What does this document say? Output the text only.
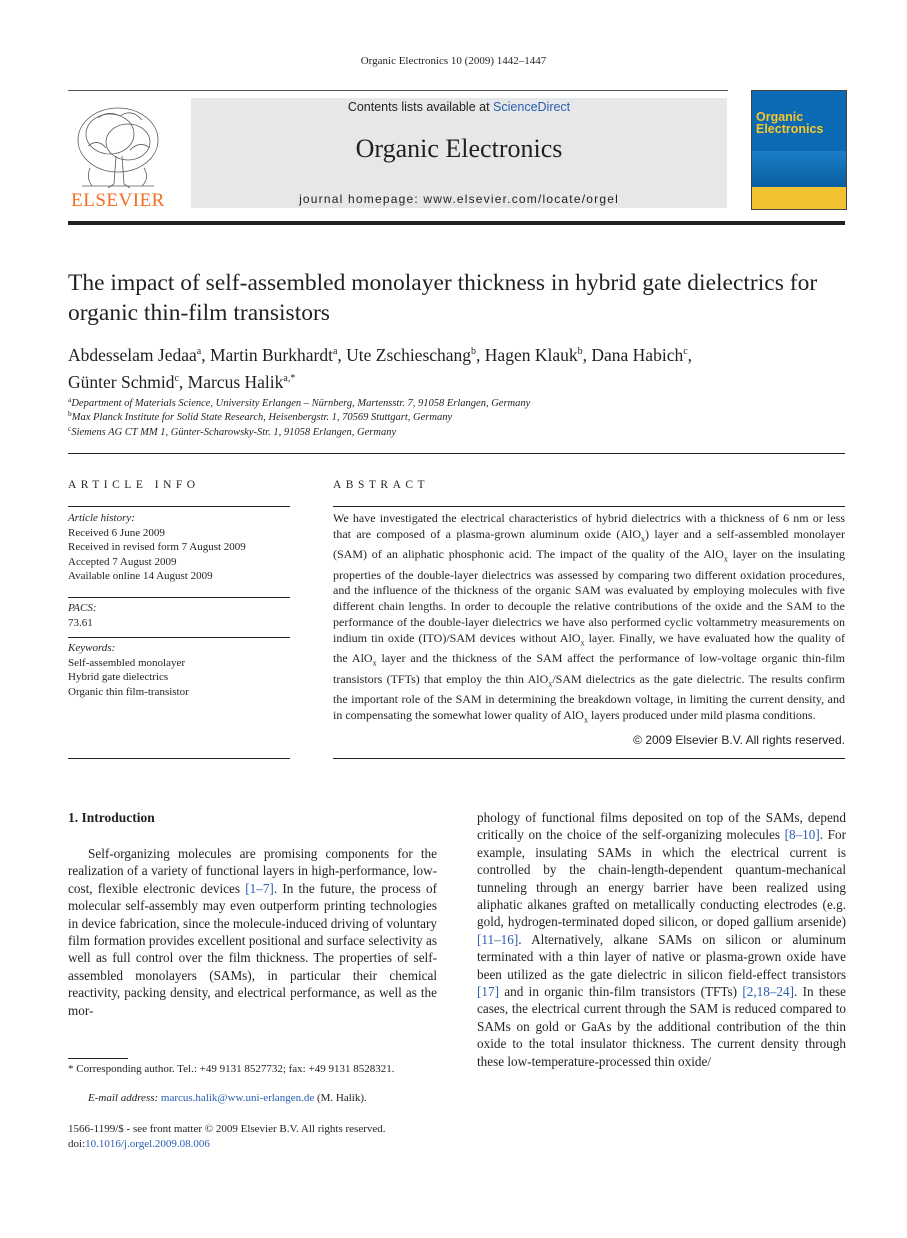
Organic Electronics 10 (2009) 1442–1447
ELSEVIER
Contents lists available at ScienceDirect
Organic Electronics
journal homepage: www.elsevier.com/locate/orgel
Organic Electronics
The impact of self-assembled monolayer thickness in hybrid gate dielectrics for organic thin-film transistors
Abdesselam Jedaa$^a$, Martin Burkhardt$^a$, Ute Zschieschang$^b$, Hagen Klauk$^b$, Dana Habich$^c$,
Günter Schmid$^c$, Marcus Halik$^{a,*}$
$^a$Department of Materials Science, University Erlangen – Nürnberg, Martensstr. 7, 91058 Erlangen, Germany
$^b$Max Planck Institute for Solid State Research, Heisenbergstr. 1, 70569 Stuttgart, Germany
$^c$Siemens AG CT MM 1, Günter-Scharowsky-Str. 1, 91058 Erlangen, Germany
ARTICLE INFO
Article history:
Received 6 June 2009
Received in revised form 7 August 2009
Accepted 7 August 2009
Available online 14 August 2009
PACS:
73.61
Keywords:
Self-assembled monolayer
Hybrid gate dielectrics
Organic thin film-transistor
ABSTRACT
We have investigated the electrical characteristics of hybrid dielectrics with a thickness of 6 nm or less that are composed of a plasma-grown aluminum oxide (AlO$_x$) layer and a self-assembled monolayer (SAM) of an aliphatic phosphonic acid. The impact of the quality of the AlO$_x$ layer on the insulating properties of the double-layer dielectrics was assessed by comparing two different oxidation procedures, and the influence of the thickness of the organic SAM was evaluated by employing molecules with five different chain lengths. In order to decouple the relative contributions of the oxide and the SAM to the performance of the double-layer dielectrics we have also performed cyclic voltammetry measurements on indium tin oxide (ITO)/SAM devices without AlO$_x$ layer. Finally, we have evaluated how the quality of the AlO$_x$ layer and the thickness of the SAM affect the performance of low-voltage organic thin-film transistors (TFTs) that employ the thin AlO$_x$/SAM dielectrics as the gate dielectric. The results confirm the important role of the SAM in determining the breakdown voltage, in limiting the current density, and in compensating the somewhat lower quality of AlO$_x$ layers produced under mild plasma conditions.
© 2009 Elsevier B.V. All rights reserved.
1. Introduction
Self-organizing molecules are promising components for the realization of a variety of functional layers in high-performance, low-cost, flexible electronic devices [1–7]. In the future, the process of molecular self-assembly may even outperform printing technologies in device fabrication, since the molecule-induced driving of voluntary film formation provides excellent positional and surface selectivity as well as full control over the film thickness. The properties of self-assembled monolayers (SAMs), in particular their chemical reactivity, packing density, and electrical performance, as well as the mor-
phology of functional films deposited on top of the SAMs, depend critically on the choice of the self-organizing molecules [8–10]. For example, insulating SAMs in which the electrical current is controlled by the chain-length-dependent quantum-mechanical tunneling through an energy barrier have been realized using aliphatic alkanes grafted on metallically conducting electrodes (e.g. gold, hydrogen-terminated doped silicon, or doped gallium arsenide) [11–16]. Alternatively, alkane SAMs on silicon or aluminum terminated with a thin layer of native or plasma-grown oxide have been utilized as the gate dielectric in silicon field-effect transistors [17] and in organic thin-film transistors (TFTs) [2,18–24]. In these cases, the electrical current through the SAM is reduced compared to SAMs on gold or GaAs by the additional contribution of the thin oxide to the total insulator thickness. The current density through these low-temperature-processed thin oxide/
* Corresponding author. Tel.: +49 9131 8527732; fax: +49 9131 8528321.
E-mail address: marcus.halik@ww.uni-erlangen.de (M. Halik).
1566-1199/$ - see front matter © 2009 Elsevier B.V. All rights reserved.
doi:10.1016/j.orgel.2009.08.006
